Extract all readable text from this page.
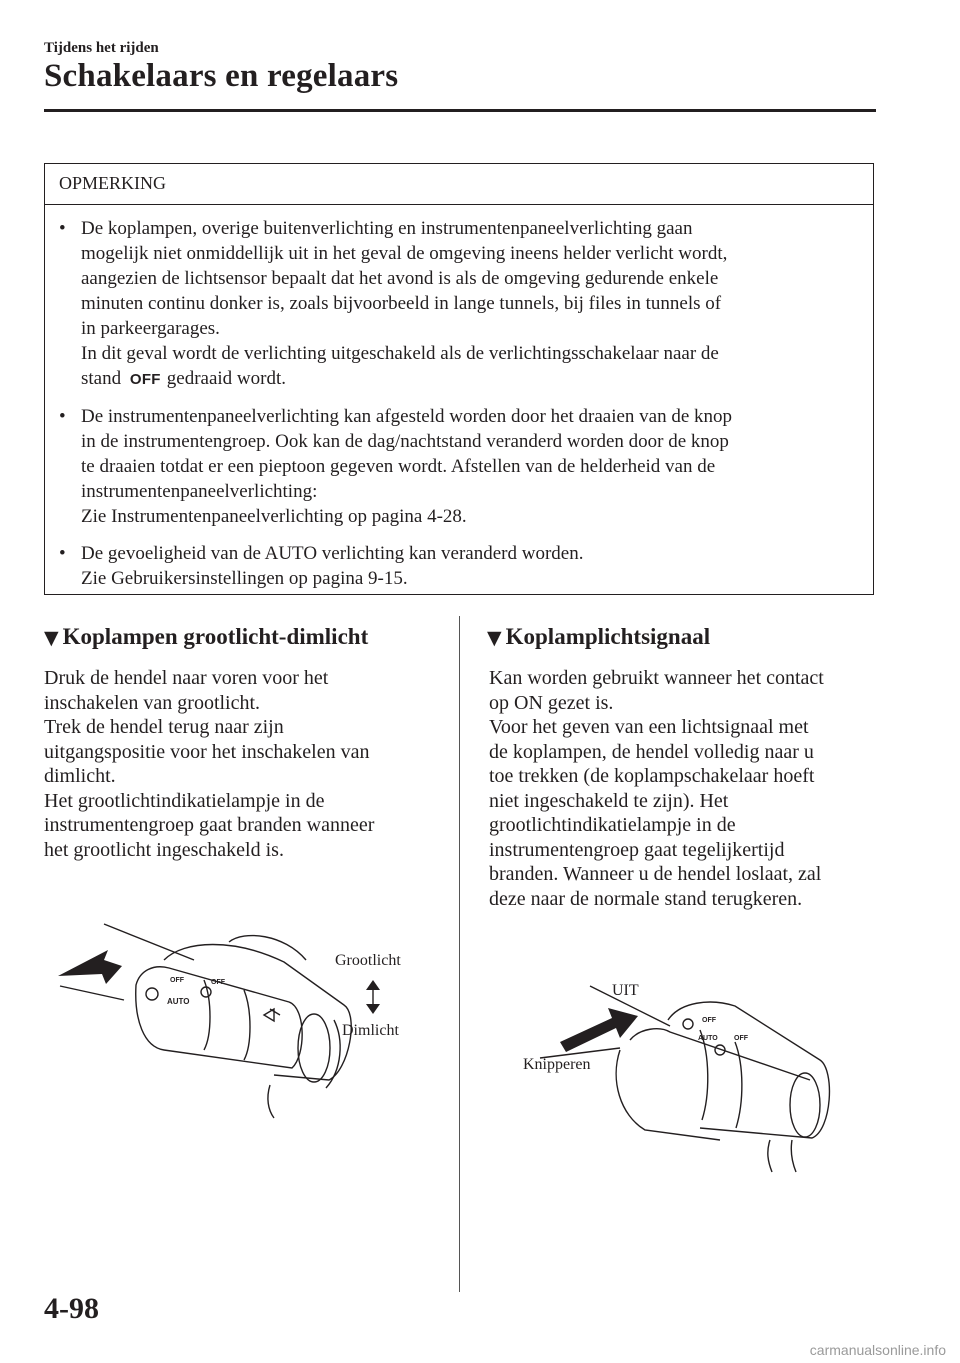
Tijdens het rijden
Schakelaars en regelaars
OPMERKING
• De koplampen, overige buitenverlichting en instrumentenpaneelverlichting gaan
mogelijk niet onmiddellijk uit in het geval de omgeving ineens helder verlicht wordt,
aangezien de lichtsensor bepaalt dat het avond is als de omgeving gedurende enkele
minuten continu donker is, zoals bijvoorbeeld in lange tunnels, bij files in tunnels of
in parkeergarages.
In dit geval wordt de verlichting uitgeschakeld als de verlichtingsschakelaar naar de
stand OFF gedraaid wordt.
• De instrumentenpaneelverlichting kan afgesteld worden door het draaien van de knop
in de instrumentengroep. Ook kan de dag/nachtstand veranderd worden door de knop
te draaien totdat er een pieptoon gegeven wordt. Afstellen van de helderheid van de
instrumentenpaneelverlichting:
Zie Instrumentenpaneelverlichting op pagina 4-28.
• De gevoeligheid van de AUTO verlichting kan veranderd worden.
Zie Gebruikersinstellingen op pagina 9-15.
▼ Koplampen grootlicht-dimlicht
Druk de hendel naar voren voor het
inschakelen van grootlicht.
Trek de hendel terug naar zijn
uitgangspositie voor het inschakelen van
dimlicht.
Het grootlichtindikatielampje in de
instrumentengroep gaat branden wanneer
het grootlicht ingeschakeld is.
AUTO
OFF	OFF
Grootlicht
Dimlicht
▼ Koplamplichtsignaal
Kan worden gebruikt wanneer het contact
op ON gezet is.
Voor het geven van een lichtsignaal met
de koplampen, de hendel volledig naar u
toe trekken (de koplampschakelaar hoeft
niet ingeschakeld te zijn). Het
grootlichtindikatielampje in de
instrumentengroep gaat tegelijkertijd
branden. Wanneer u de hendel loslaat, zal
deze naar de normale stand terugkeren.
AUTO
OFF
OFF
UIT
Knipperen
4-98
carmanualsonline.info
